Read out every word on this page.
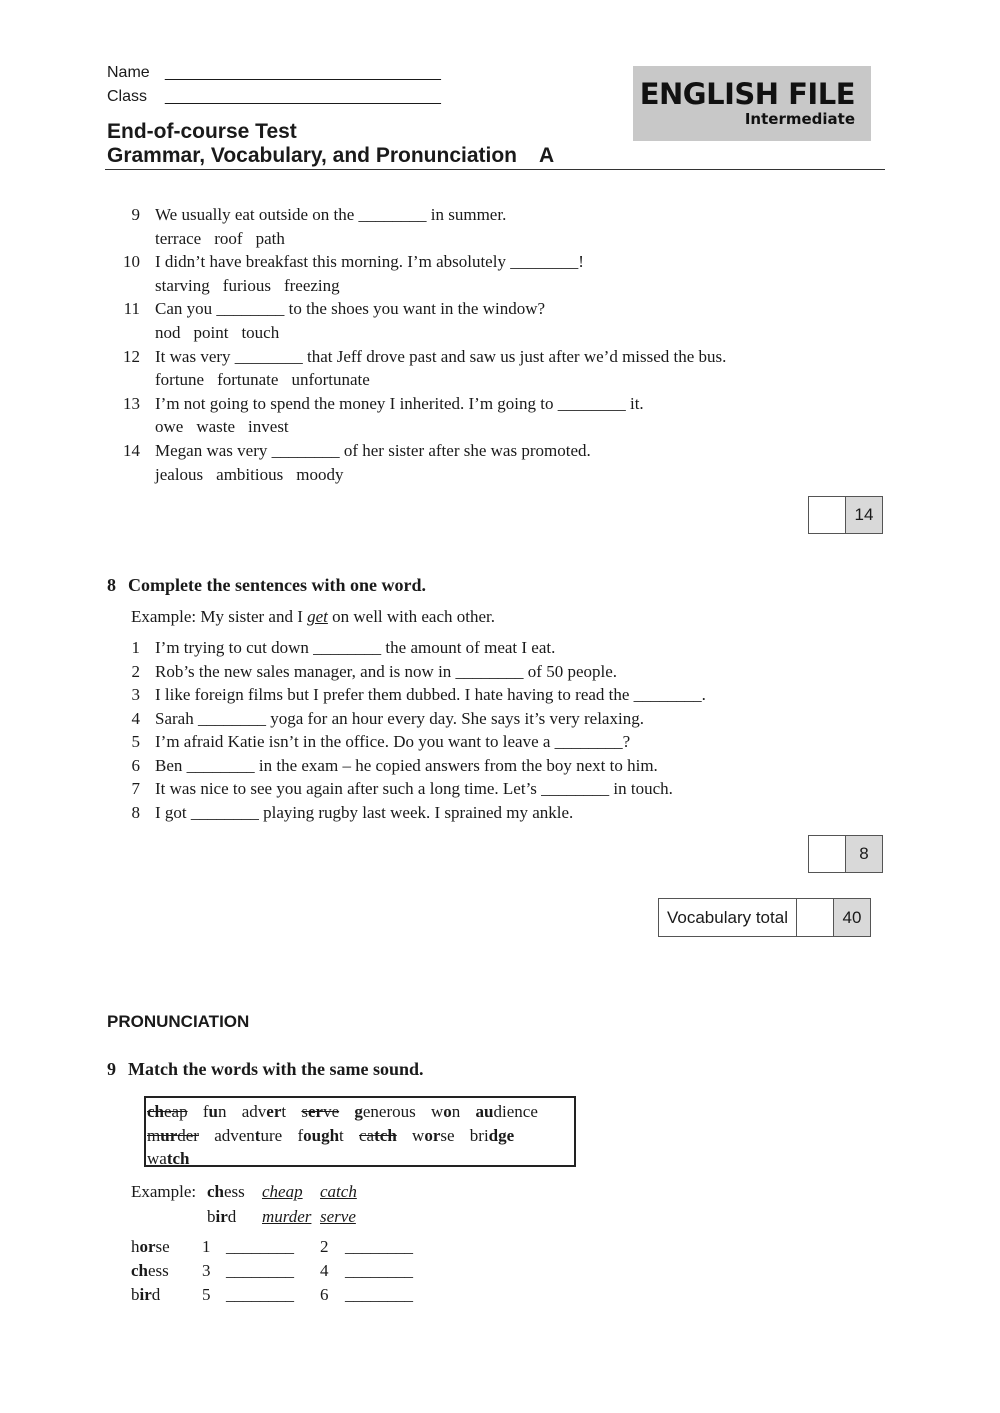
Name _______________________________
Class _______________________________	ENGLISH FILE
Intermediate
End-of-course Test
Grammar, Vocabulary, and Pronunciation A
9 We usually eat outside on the ________ in summer.
terrace roof path
10 I didn’t have breakfast this morning. I’m absolutely ________!
starving furious freezing
11 Can you ________ to the shoes you want in the window?
nod point touch
12 It was very ________ that Jeff drove past and saw us just after we’d missed the bus.
fortune fortunate unfortunate
13 I’m not going to spend the money I inherited. I’m going to ________ it.
owe waste invest
14 Megan was very ________ of her sister after she was promoted.
jealous ambitious moody
14
8 Complete the sentences with one word.
Example: My sister and I get on well with each other.
1 I’m trying to cut down ________ the amount of meat I eat.
2 Rob’s the new sales manager, and is now in ________ of 50 people.
3 I like foreign films but I prefer them dubbed. I hate having to read the ________.
4 Sarah ________ yoga for an hour every day. She says it’s very relaxing.
5 I’m afraid Katie isn’t in the office. Do you want to leave a ________?
6 Ben ________ in the exam – he copied answers from the boy next to him.
7 It was nice to see you again after such a long time. Let’s ________ in touch.
8 I got ________ playing rugby last week. I sprained my ankle.
8
Vocabulary total	40
PRONUNCIATION
9 Match the words with the same sound.
cheap fun advert serve generous won audience murder adventure fought catch worse bridge watch
Example: chess cheap catch
bird murder serve
horse 1 ________ 2 ________
chess 3 ________ 4 ________
bird 5 ________ 6 ________
